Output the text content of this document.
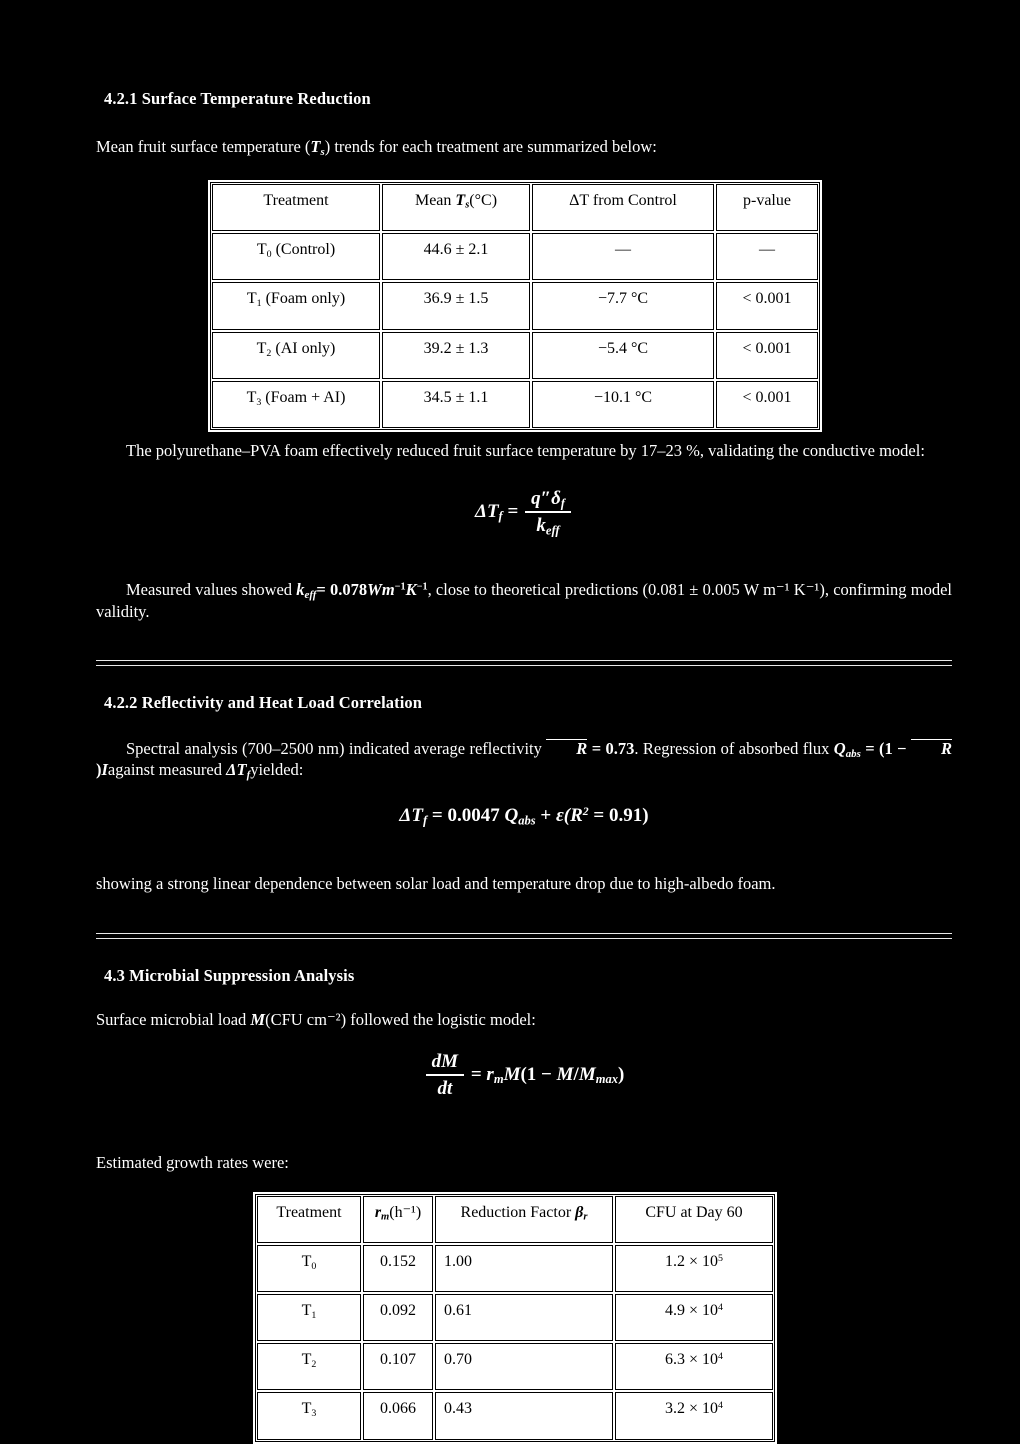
4.2.1 Surface Temperature Reduction

Mean fruit surface temperature (Ts) trends for each treatment are summarized below:

Treatment	Mean Ts(°C)	ΔT from Control	p-value
$T_0$ (Control)	44.6 ± 2.1	—	—
$T_1$ (Foam only)	36.9 ± 1.5	−7.7 °C	< 0.001
$T_2$ (AI only)	39.2 ± 1.3	−5.4 °C	< 0.001
$T_3$ (Foam + AI)	34.5 ± 1.1	−10.1 °C	< 0.001

The polyurethane–PVA foam effectively reduced fruit surface temperature by 17–23 %, validating the conductive model:

$\Delta Tf = \frac{q''\delta f}{\text{keff}}$

Measured values showed keff= $0.078Wm^{-1}K^{-1}$, close to theoretical predictions (0.081 ± 0.005 W m⁻¹ K⁻¹), confirming model validity.

4.2.2 Reflectivity and Heat Load Correlation

Spectral analysis (700–2500 nm) indicated average reflectivity R = 0.73. Regression of absorbed flux Qabs = (1 − R)Iagainst measured ΔTfyielded:

ΔTf = 0.0047 Qabs + $\varepsilon(R^2 = 0.91)$

showing a strong linear dependence between solar load and temperature drop due to high-albedo foam.

4.3 Microbial Suppression Analysis

Surface microbial load M(CFU cm⁻²) followed the logistic model:

$\frac{dM}{dt} = rmM(1 - M/Mmax)$

Estimated growth rates were:

Treatment	rm(h⁻¹)	Reduction Factor βr	CFU at Day 60
$T_0$	0.152	1.00	$1.2 \times 10^5$
$T_1$	0.092	0.61	$4.9 \times 10^4$
$T_2$	0.107	0.70	$6.3 \times 10^4$
$T_3$	0.066	0.43	$3.2 \times 10^4$
